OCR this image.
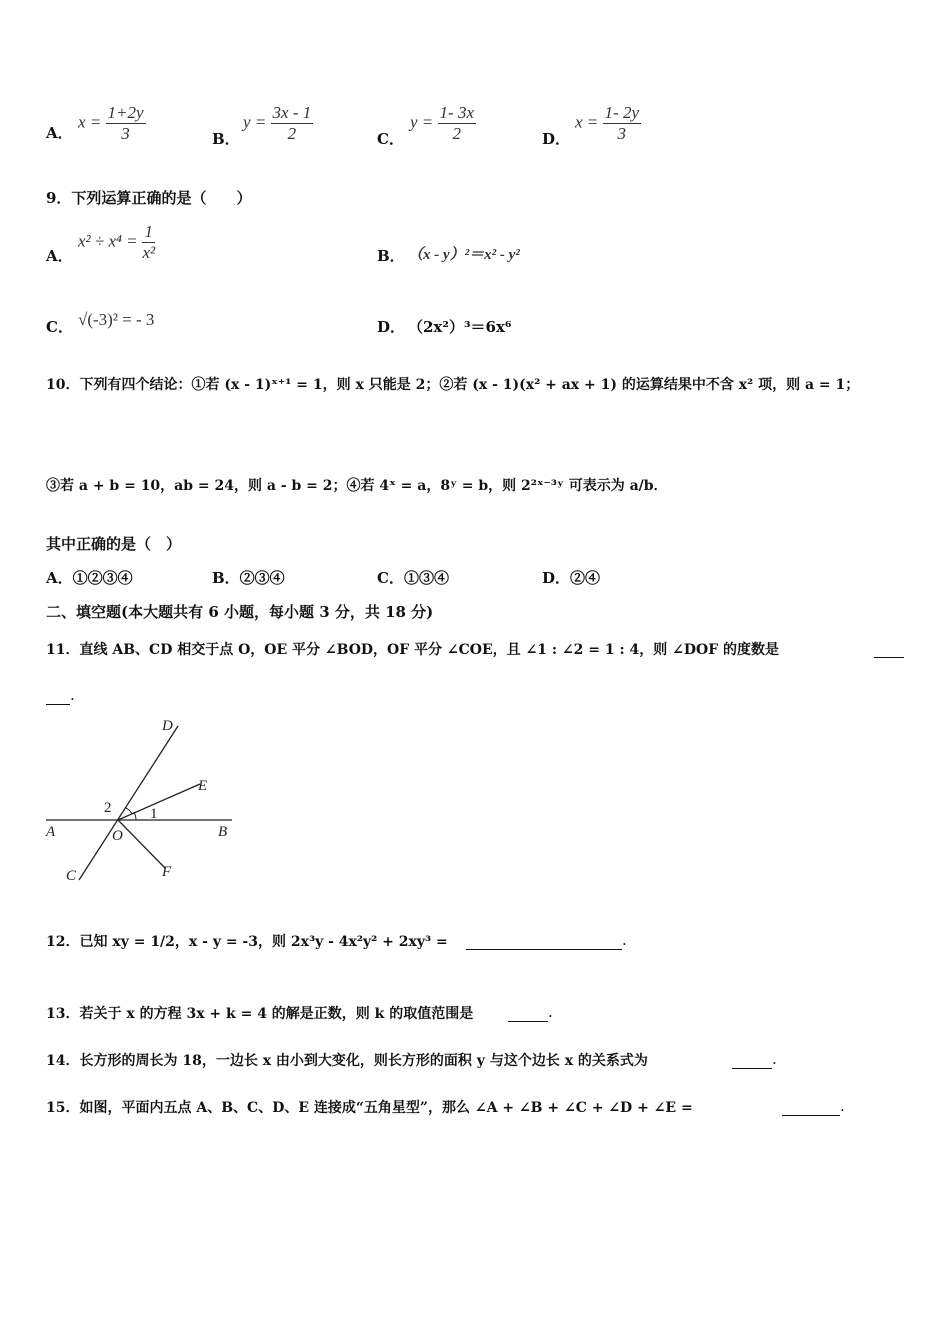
A．
$x = \frac{1+2y}{3}$	B．
$y = \frac{3x - 1}{2}$	C．
$y = \frac{1- 3x}{2}$	D．
$x = \frac{1- 2y}{3}$
9．下列运算正确的是（　　）
A．
$x^2 \div x^4 = \frac{1}{\text{x²}}$	B． （x - y）²＝x² - y²
C． √(-3)² = - 3	D． （2x²）³＝6x⁶
10．下列有四个结论：①若 (x - 1)ˣ⁺¹ = 1，则 x 只能是 2；②若 (x - 1)(x² + ax + 1) 的运算结果中不含 x² 项，则 a = 1；
③若 a + b = 10，ab = 24，则 a - b = 2；④若 4ˣ = a，8ʸ = b，则 2²ˣ⁻³ʸ 可表示为 a/b．
其中正确的是（　）
A．①②③④	B．②③④	C．①③④	D．②④
二、填空题(本大题共有 6 小题，每小题 3 分，共 18 分)
11．直线 AB、CD 相交于点 O，OE 平分 ∠BOD，OF 平分 ∠COE，且 ∠1 : ∠2 = 1 : 4，则 ∠DOF 的度数是
.

D
E
2	1
A	O	B
C	F
12．已知 xy = 1/2，x - y = -3，则 2x³y - 4x²y² + 2xy³ =	.
13．若关于 x 的方程 3x + k = 4 的解是正数，则 k 的取值范围是	.
14．长方形的周长为 18，一边长 x 由小到大变化，则长方形的面积 y 与这个边长 x 的关系式为	.
15．如图，平面内五点 A、B、C、D、E 连接成“五角星型”，那么 ∠A + ∠B + ∠C + ∠D + ∠E =	.
